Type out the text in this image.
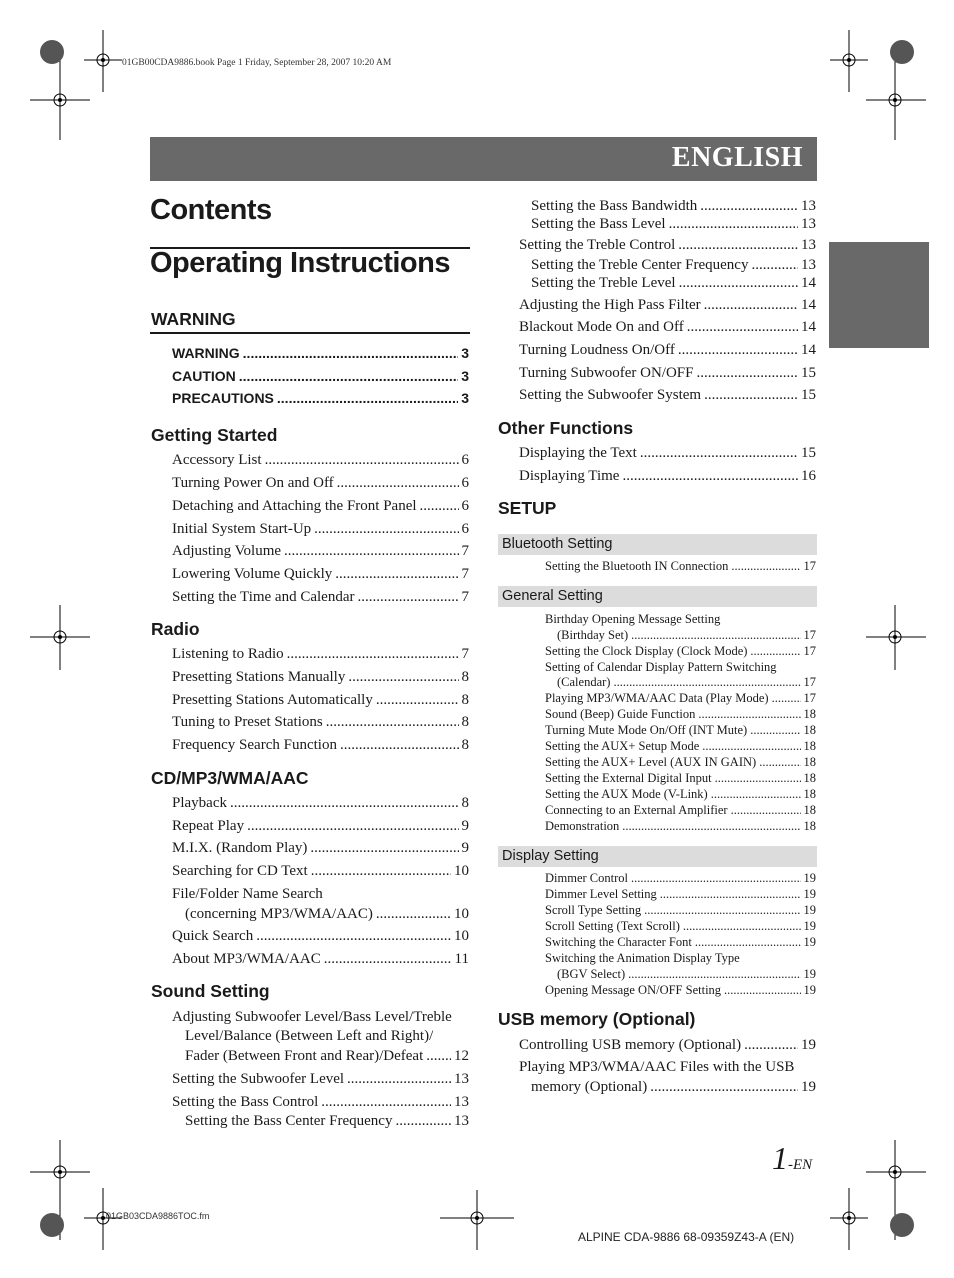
01GB00CDA9886.book Page 1 Friday, September 28, 2007 10:20 AM
ENGLISH
Contents
Operating Instructions
WARNING
WARNING .....	3
CAUTION .....	3
PRECAUTIONS .....	3
Getting Started
Accessory List .....	6
Turning Power On and Off .....	6
Detaching and Attaching the Front Panel .....	6
Initial System Start-Up .....	6
Adjusting Volume .....	7
Lowering Volume Quickly .....	7
Setting the Time and Calendar .....	7
Radio
Listening to Radio .....	7
Presetting Stations Manually .....	8
Presetting Stations Automatically .....	8
Tuning to Preset Stations .....	8
Frequency Search Function .....	8
CD/MP3/WMA/AAC
Playback .....	8
Repeat Play .....	9
M.I.X. (Random Play) .....	9
Searching for CD Text .....	10
File/Folder Name Search
(concerning MP3/WMA/AAC) .....	10
Quick Search .....	10
About MP3/WMA/AAC .....	11
Sound Setting
Adjusting Subwoofer Level/Bass Level/Treble
Level/Balance (Between Left and Right)/
Fader (Between Front and Rear)/Defeat ..... 12
Setting the Subwoofer Level .....	13
Setting the Bass Control .....	13
Setting the Bass Center Frequency .....	13
Setting the Bass Bandwidth .....	13
Setting the Bass Level .....	13
Setting the Treble Control .....	13
Setting the Treble Center Frequency .....	13
Setting the Treble Level .....	14
Adjusting the High Pass Filter .....	14
Blackout Mode On and Off .....	14
Turning Loudness On/Off .....	14
Turning Subwoofer ON/OFF .....	15
Setting the Subwoofer System .....	15
Other Functions
Displaying the Text .....	15
Displaying Time .....	16
SETUP
Bluetooth Setting
Setting the Bluetooth IN Connection .....	17
General Setting
Birthday Opening Message Setting
(Birthday Set) .....	17
Setting the Clock Display (Clock Mode) .....	17
Setting of Calendar Display Pattern Switching
(Calendar) .....	17
Playing MP3/WMA/AAC Data (Play Mode) .....	17
Sound (Beep) Guide Function .....	18
Turning Mute Mode On/Off (INT Mute) .....	18
Setting the AUX+ Setup Mode .....	18
Setting the AUX+ Level (AUX IN GAIN) .....	18
Setting the External Digital Input .....	18
Setting the AUX Mode (V-Link) .....	18
Connecting to an External Amplifier .....	18
Demonstration .....	18
Display Setting
Dimmer Control .....	19
Dimmer Level Setting .....	19
Scroll Type Setting .....	19
Scroll Setting (Text Scroll) .....	19
Switching the Character Font .....	19
Switching the Animation Display Type
(BGV Select) .....	19
Opening Message ON/OFF Setting .....	19
USB memory (Optional)
Controlling USB memory (Optional) .....	19
Playing MP3/WMA/AAC Files with the USB
memory (Optional) .....	19
1-EN
01GB03CDA9886TOC.fm
ALPINE CDA-9886 68-09359Z43-A (EN)
